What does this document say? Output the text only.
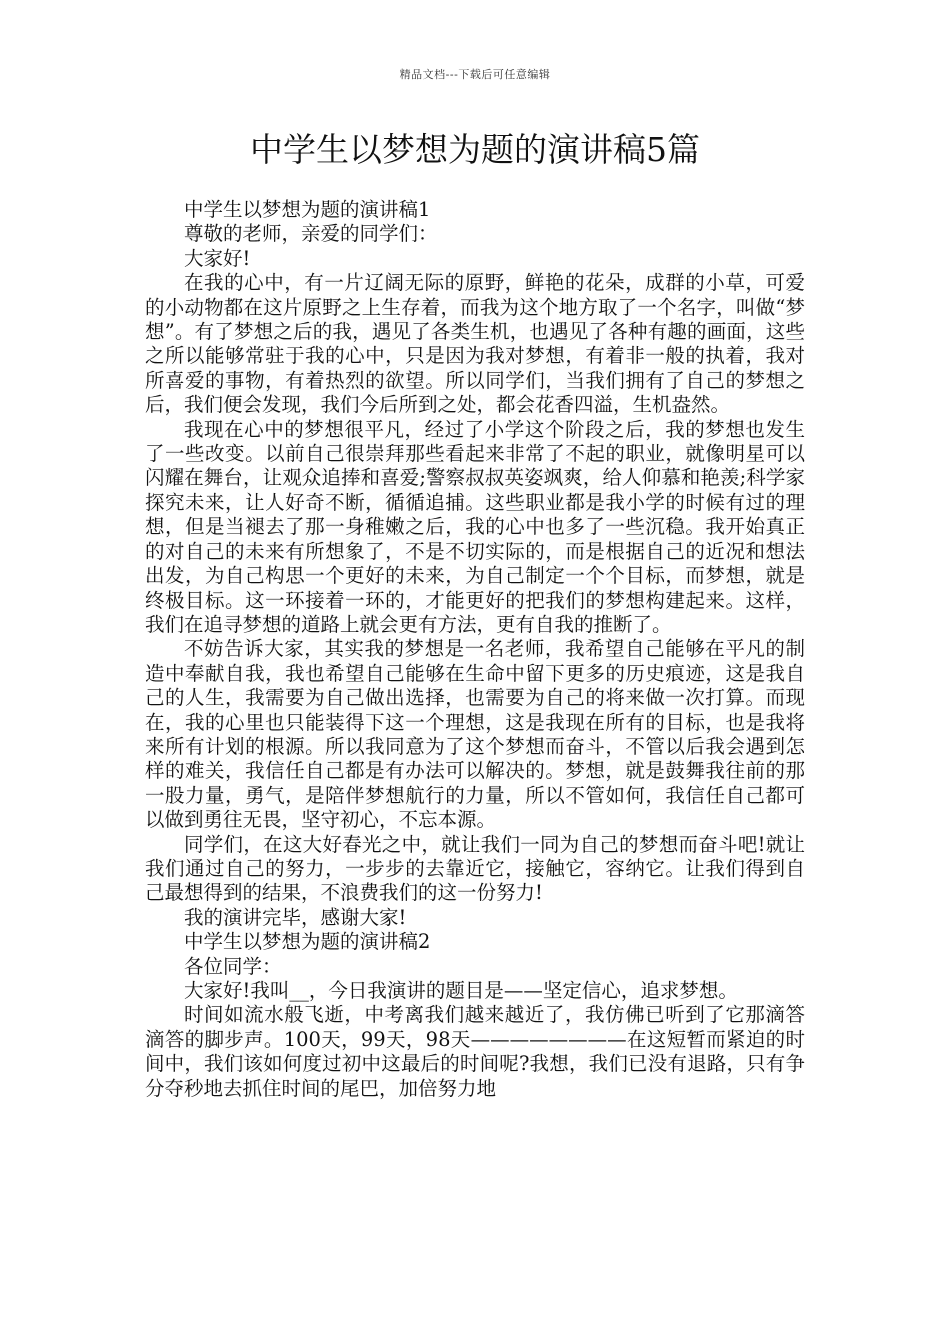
精品文档---下载后可任意编辑
中学生以梦想为题的演讲稿5篇

中学生以梦想为题的演讲稿1

尊敬的老师，亲爱的同学们：

大家好!

在我的心中，有一片辽阔无际的原野，鲜艳的花朵，成群的小草，可爱的小动物都在这片原野之上生存着，而我为这个地方取了一个名字，叫做“梦想”。有了梦想之后的我，遇见了各类生机，也遇见了各种有趣的画面，这些之所以能够常驻于我的心中，只是因为我对梦想，有着非一般的执着，我对所喜爱的事物，有着热烈的欲望。所以同学们，当我们拥有了自己的梦想之后，我们便会发现，我们今后所到之处，都会花香四溢，生机盎然。

我现在心中的梦想很平凡，经过了小学这个阶段之后，我的梦想也发生了一些改变。以前自己很崇拜那些看起来非常了不起的职业，就像明星可以闪耀在舞台，让观众追捧和喜爱;警察叔叔英姿飒爽，给人仰慕和艳羡;科学家探究未来，让人好奇不断，循循追捕。这些职业都是我小学的时候有过的理想，但是当褪去了那一身稚嫩之后，我的心中也多了一些沉稳。我开始真正的对自己的未来有所想象了，不是不切实际的，而是根据自己的近况和想法出发，为自己构思一个更好的未来，为自己制定一个个目标，而梦想，就是终极目标。这一环接着一环的，才能更好的把我们的梦想构建起来。这样，我们在追寻梦想的道路上就会更有方法，更有自我的推断了。

不妨告诉大家，其实我的梦想是一名老师，我希望自己能够在平凡的制造中奉献自我，我也希望自己能够在生命中留下更多的历史痕迹，这是我自己的人生，我需要为自己做出选择，也需要为自己的将来做一次打算。而现在，我的心里也只能装得下这一个理想，这是我现在所有的目标，也是我将来所有计划的根源。所以我同意为了这个梦想而奋斗，不管以后我会遇到怎样的难关，我信任自己都是有办法可以解决的。梦想，就是鼓舞我往前的那一股力量，勇气，是陪伴梦想航行的力量，所以不管如何，我信任自己都可以做到勇往无畏，坚守初心，不忘本源。

同学们，在这大好春光之中，就让我们一同为自己的梦想而奋斗吧!就让我们通过自己的努力，一步步的去靠近它，接触它，容纳它。让我们得到自己最想得到的结果，不浪费我们的这一份努力!

我的演讲完毕，感谢大家!

中学生以梦想为题的演讲稿2

各位同学：

大家好!我叫__，今日我演讲的题目是——坚定信心，追求梦想。

时间如流水般飞逝，中考离我们越来越近了，我仿佛已听到了它那滴答滴答的脚步声。100天，99天，98天————————在这短暂而紧迫的时间中，我们该如何度过初中这最后的时间呢?我想，我们已没有退路，只有争分夺秒地去抓住时间的尾巴，加倍努力地
